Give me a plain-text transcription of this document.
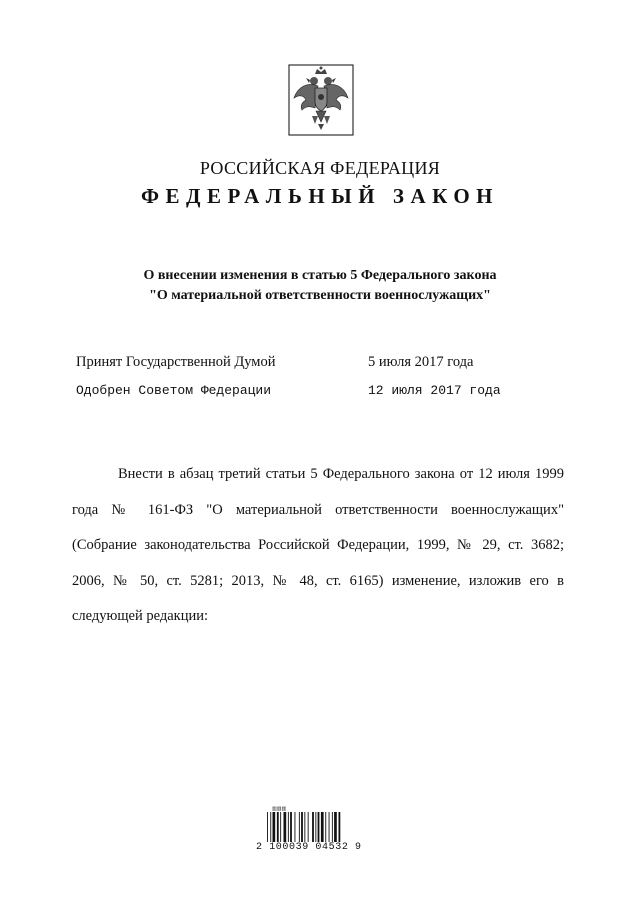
РОССИЙСКАЯ ФЕДЕРАЦИЯ
ФЕДЕРАЛЬНЫЙ ЗАКОН
О внесении изменения в статью 5 Федерального закона
"О материальной ответственности военнослужащих"
Принят Государственной Думой	5 июля 2017 года
Одобрен Советом Федерации	12 июля 2017 года
Внести в абзац третий статьи 5 Федерального закона от 12 июля 1999 года № 161-ФЗ "О материальной ответственности военнослужащих" (Собрание законодательства Российской Федерации, 1999, № 29, ст. 3682; 2006, № 50, ст. 5281; 2013, № 48, ст. 6165) изменение, изложив его в следующей редакции:
▥▥▥
2 100039 04532 9
